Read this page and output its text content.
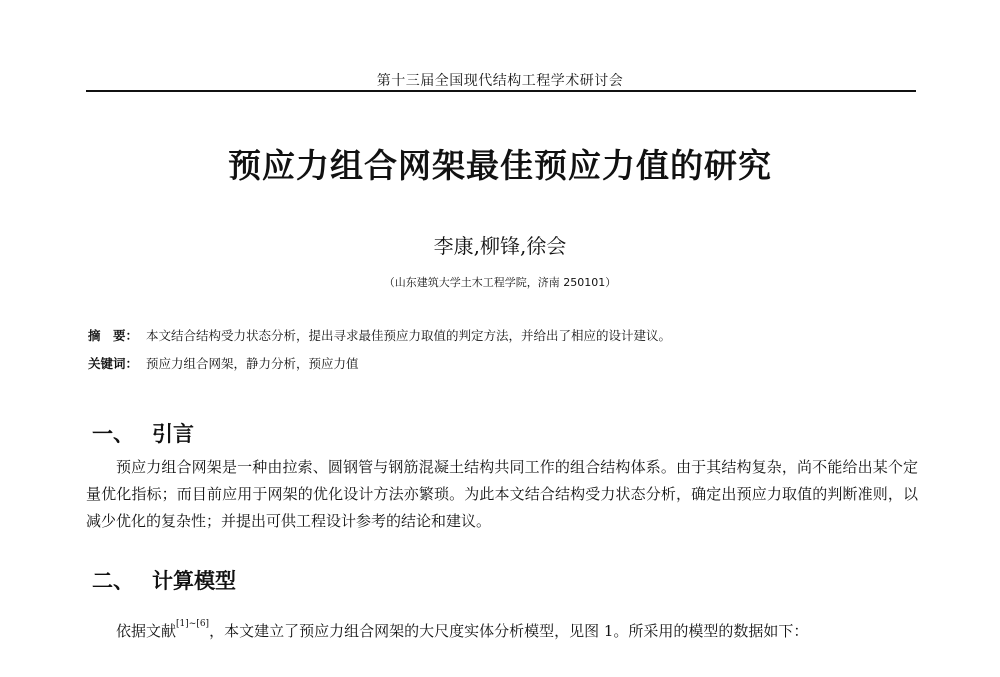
第十三届全国现代结构工程学术研讨会
预应力组合网架最佳预应力值的研究
李康,柳锋,徐会
（山东建筑大学土木工程学院，济南 250101）
摘　要： 本文结合结构受力状态分析，提出寻求最佳预应力取值的判定方法，并给出了相应的设计建议。
关键词： 预应力组合网架，静力分析，预应力值
一、 引言
预应力组合网架是一种由拉索、圆钢管与钢筋混凝土结构共同工作的组合结构体系。由于其结构复杂，尚不能给出某个定量优化指标；而目前应用于网架的优化设计方法亦繁琐。为此本文结合结构受力状态分析，确定出预应力取值的判断准则，以减少优化的复杂性；并提出可供工程设计参考的结论和建议。
二、 计算模型
依据文献[1]~[6]，本文建立了预应力组合网架的大尺度实体分析模型，见图 1。所采用的模型的数据如下：
